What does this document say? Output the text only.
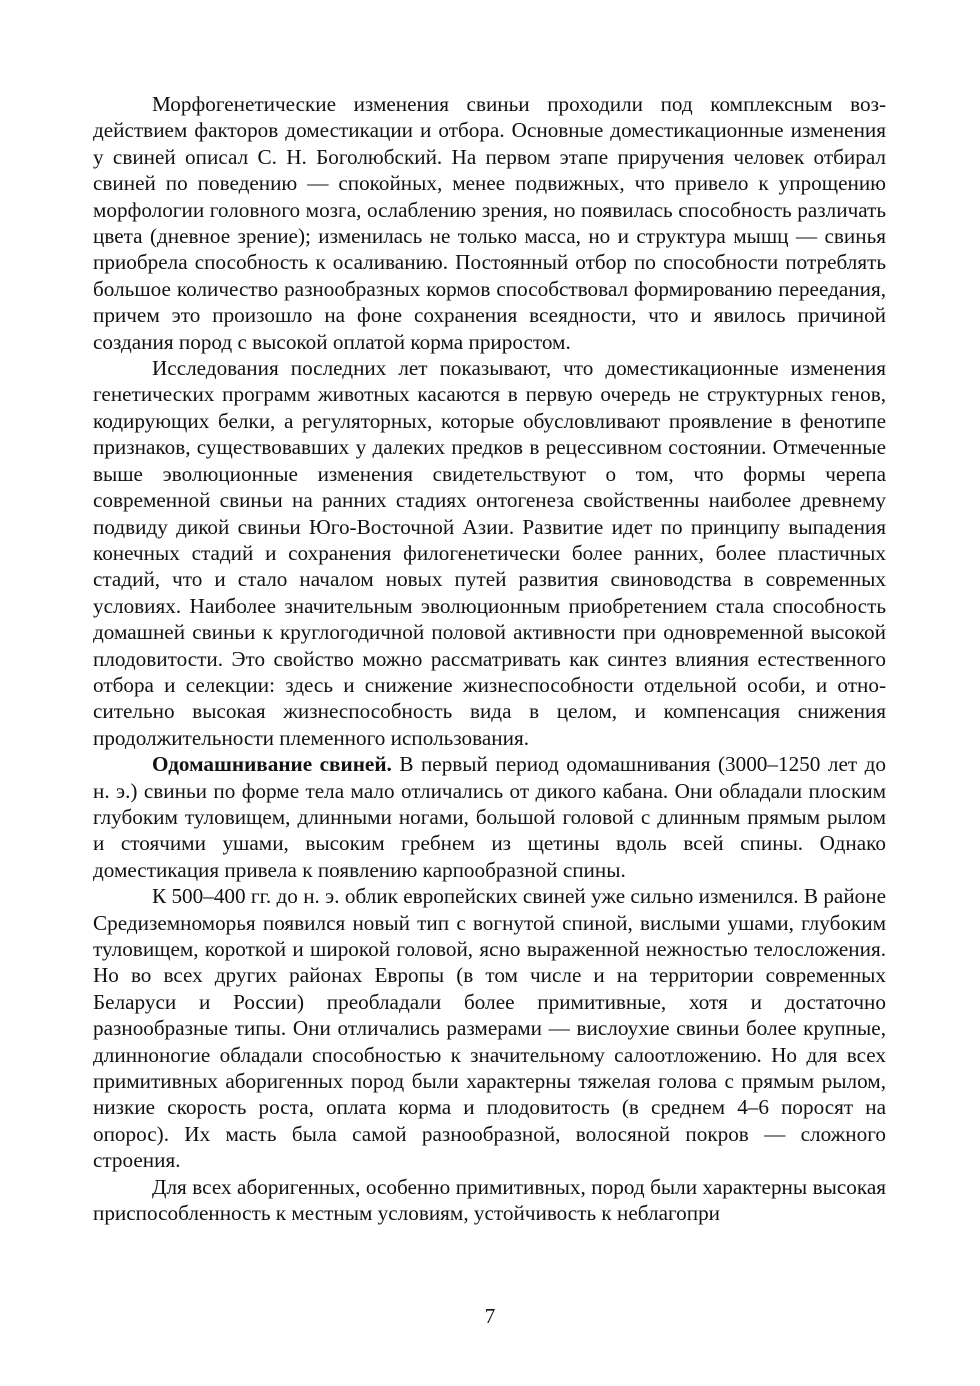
Морфогенетические изменения свиньи проходили под комплексным воздействием факторов доместикации и отбора. Основные доместикационные изменения у свиней описал С. Н. Боголюбский. На первом этапе приручения человек отбирал свиней по поведению — спокойных, менее подвижных, что привело к упрощению морфологии головного мозга, ослаблению зрения, но появилась способность различать цвета (дневное зрение); изменилась не только масса, но и структура мышц — свинья приобрела способность к осаливанию. Постоянный отбор по способности потреблять большое количество разнообразных кормов способствовал формированию переедания, причем это произошло на фоне сохранения всеядности, что и явилось причиной создания пород с высокой оплатой корма приростом.

Исследования последних лет показывают, что доместикационные изменения генетических программ животных касаются в первую очередь не структурных генов, кодирующих белки, а регуляторных, которые обусловливают проявление в фенотипе признаков, существовавших у далеких предков в рецессивном состоянии. Отмеченные выше эволюционные изменения свидетельствуют о том, что формы черепа современной свиньи на ранних стадиях онтогенеза свойственны наиболее древнему подвиду дикой свиньи Юго-Восточной Азии. Развитие идет по принципу выпадения конечных стадий и сохранения филогенетически более ранних, более пластичных стадий, что и стало началом новых путей развития свиноводства в современных условиях. Наиболее значительным эволюционным приобретением стала способность домашней свиньи к круглогодичной половой активности при одновременной высокой плодовитости. Это свойство можно рассматривать как синтез влияния естественного отбора и селекции: здесь и снижение жизнеспособности отдельной особи, и относительно высокая жизнеспособность вида в целом, и компенсация снижения продолжительности племенного использования.

Одомашнивание свиней. В первый период одомашнивания (3000–1250 лет до н. э.) свиньи по форме тела мало отличались от дикого кабана. Они обладали плоским глубоким туловищем, длинными ногами, большой головой с длинным прямым рылом и стоячими ушами, высоким гребнем из щетины вдоль всей спины. Однако доместикация привела к появлению карпообразной спины.

К 500–400 гг. до н. э. облик европейских свиней уже сильно изменился. В районе Средиземноморья появился новый тип с вогнутой спиной, вислыми ушами, глубоким туловищем, короткой и широкой головой, ясно выраженной нежностью телосложения. Но во всех других районах Европы (в том числе и на территории современных Беларуси и России) преобладали более примитивные, хотя и достаточно разнообразные типы. Они отличались размерами — вислоухие свиньи более крупные, длинноногие обладали способностью к значительному салоотложению. Но для всех примитивных аборигенных пород были характерны тяжелая голова с прямым рылом, низкие скорость роста, оплата корма и плодовитость (в среднем 4–6 поросят на опорос). Их масть была самой разнообразной, волосяной покров — сложного строения.

Для всех аборигенных, особенно примитивных, пород были характерны высокая приспособленность к местным условиям, устойчивость к неблагопри

7
